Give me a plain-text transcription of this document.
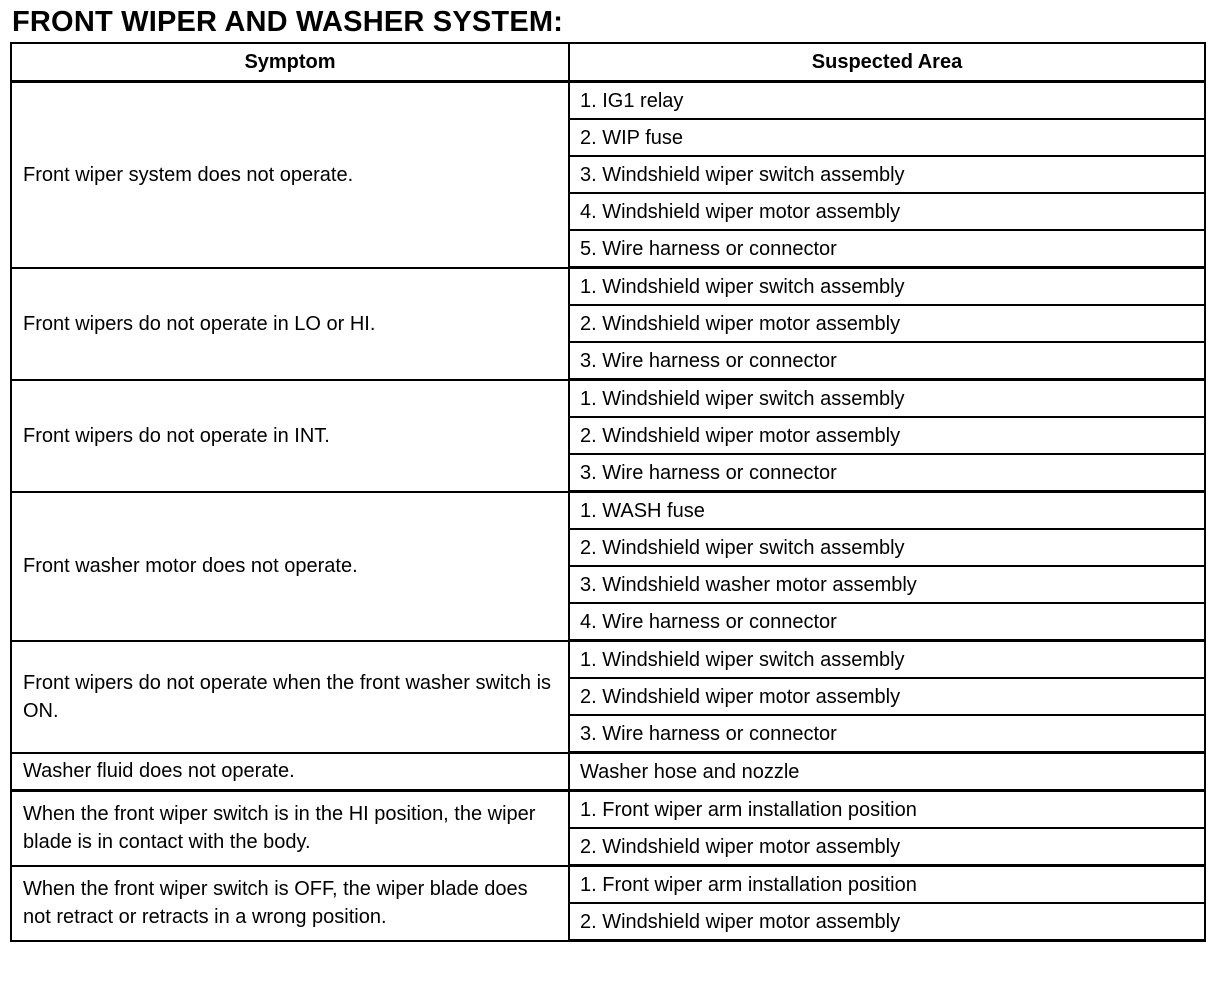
FRONT WIPER AND WASHER SYSTEM:
Symptom	Suspected Area
Front wiper system does not operate.	1. IG1 relay
	2. WIP fuse
	3. Windshield wiper switch assembly
	4. Windshield wiper motor assembly
	5. Wire harness or connector
Front wipers do not operate in LO or HI.	1. Windshield wiper switch assembly
	2. Windshield wiper motor assembly
	3. Wire harness or connector
Front wipers do not operate in INT.	1. Windshield wiper switch assembly
	2. Windshield wiper motor assembly
	3. Wire harness or connector
Front washer motor does not operate.	1. WASH fuse
	2. Windshield wiper switch assembly
	3. Windshield washer motor assembly
	4. Wire harness or connector
Front wipers do not operate when the front washer switch is ON.	1. Windshield wiper switch assembly
	2. Windshield wiper motor assembly
	3. Wire harness or connector
Washer fluid does not operate.	Washer hose and nozzle
When the front wiper switch is in the HI position, the wiper blade is in contact with the body.	1. Front wiper arm installation position
	2. Windshield wiper motor assembly
When the front wiper switch is OFF, the wiper blade does not retract or retracts in a wrong position.	1. Front wiper arm installation position
	2. Windshield wiper motor assembly
